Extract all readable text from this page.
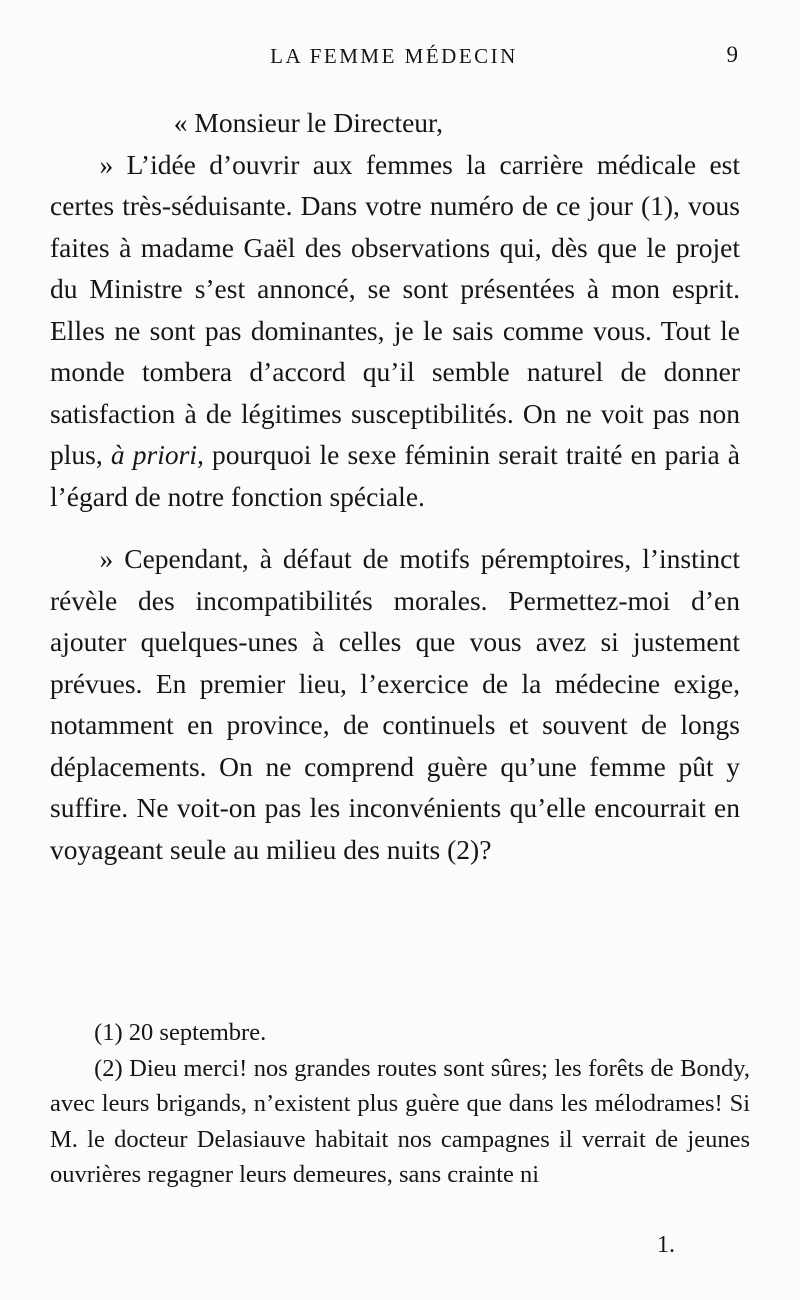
LA FEMME MÉDECIN	9

« Monsieur le Directeur,

» L’idée d’ouvrir aux femmes la carrière médicale est certes très-séduisante. Dans votre numéro de ce jour (1), vous faites à madame Gaël des observations qui, dès que le projet du Ministre s’est annoncé, se sont présentées à mon esprit. Elles ne sont pas dominantes, je le sais comme vous. Tout le monde tombera d’accord qu’il semble naturel de donner satisfaction à de légitimes susceptibilités. On ne voit pas non plus, à priori, pourquoi le sexe féminin serait traité en paria à l’égard de notre fonction spéciale.

» Cependant, à défaut de motifs péremptoires, l’instinct révèle des incompatibilités morales. Permettez-moi d’en ajouter quelques-unes à celles que vous avez si justement prévues. En premier lieu, l’exercice de la médecine exige, notamment en province, de continuels et souvent de longs déplacements. On ne comprend guère qu’une femme pût y suffire. Ne voit-on pas les inconvénients qu’elle encourrait en voyageant seule au milieu des nuits (2)?

(1) 20 septembre.

(2) Dieu merci! nos grandes routes sont sûres; les forêts de Bondy, avec leurs brigands, n’existent plus guère que dans les mélodrames! Si M. le docteur Delasiauve habitait nos campagnes il verrait de jeunes ouvrières regagner leurs demeures, sans crainte ni

1.
